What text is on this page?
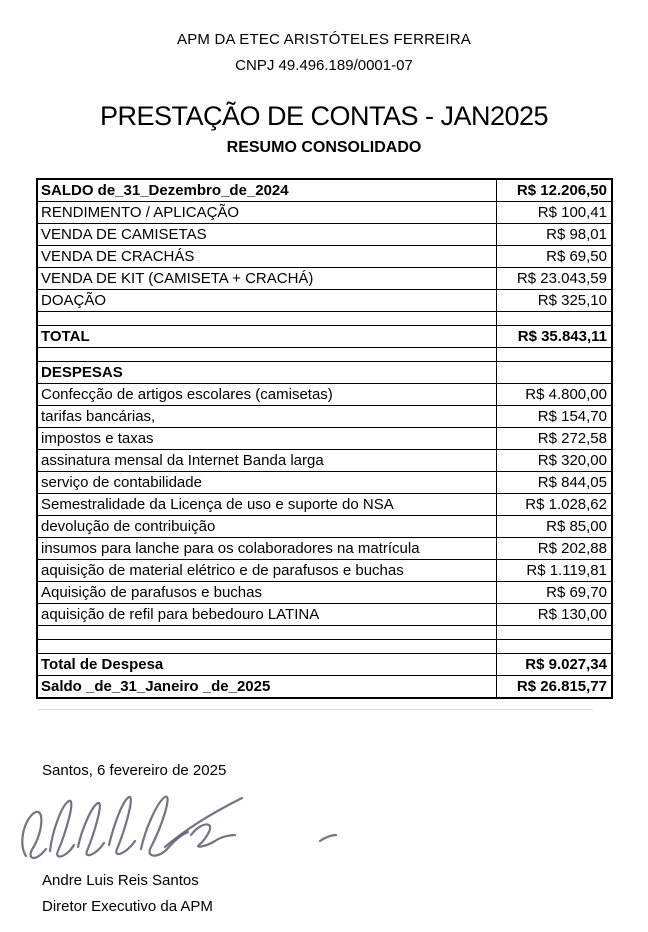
APM DA ETEC ARISTÓTELES FERREIRA
CNPJ 49.496.189/0001-07
PRESTAÇÃO DE CONTAS - JAN2025
RESUMO CONSOLIDADO
SALDO de_31_Dezembro_de_2024	R$ 12.206,50
RENDIMENTO / APLICAÇÃO	R$ 100,41
VENDA DE CAMISETAS	R$ 98,01
VENDA DE CRACHÁS	R$ 69,50
VENDA DE KIT (CAMISETA + CRACHÁ)	R$ 23.043,59
DOAÇÃO	R$ 325,10
TOTAL	R$ 35.843,11
DESPESAS
Confecção de artigos escolares (camisetas)	R$ 4.800,00
tarifas bancárias,	R$ 154,70
impostos e taxas	R$ 272,58
assinatura mensal da Internet Banda larga	R$ 320,00
serviço de contabilidade	R$ 844,05
Semestralidade da Licença de uso e suporte do NSA	R$ 1.028,62
devolução de contribuição	R$ 85,00
insumos para lanche para os colaboradores na matrícula	R$ 202,88
aquisição de material elétrico e de parafusos e buchas	R$ 1.119,81
Aquisição de parafusos e buchas	R$ 69,70
aquisição de refil para bebedouro LATINA	R$ 130,00
Total de Despesa	R$ 9.027,34
Saldo _de_31_Janeiro _de_2025	R$ 26.815,77
Santos, 6 fevereiro de 2025
Andre Luis Reis Santos
Diretor Executivo da APM
